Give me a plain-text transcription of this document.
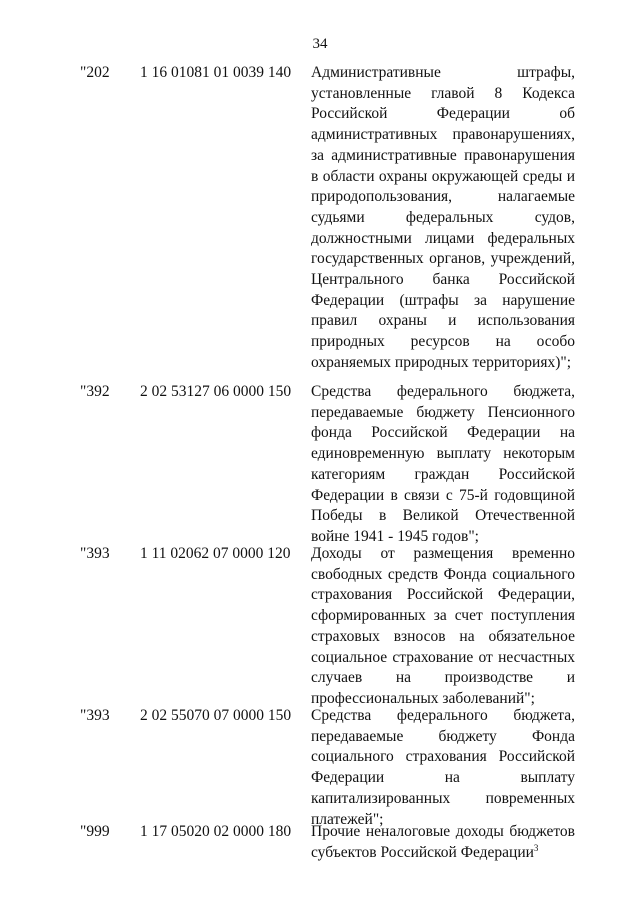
34
"202 1 16 01081 01 0039 140 Административные штрафы, установленные главой 8 Кодекса Российской Федерации об административных правонарушениях, за административные правонарушения в области охраны окружающей среды и природопользования, налагаемые судьями федеральных судов, должностными лицами федеральных государственных органов, учреждений, Центрального банка Российской Федерации (штрафы за нарушение правил охраны и использования природных ресурсов на особо охраняемых природных территориях)";
"392 2 02 53127 06 0000 150 Средства федерального бюджета, передаваемые бюджету Пенсионного фонда Российской Федерации на единовременную выплату некоторым категориям граждан Российской Федерации в связи с 75-й годовщиной Победы в Великой Отечественной войне 1941 - 1945 годов";
"393 1 11 02062 07 0000 120 Доходы от размещения временно свободных средств Фонда социального страхования Российской Федерации, сформированных за счет поступления страховых взносов на обязательное социальное страхование от несчастных случаев на производстве и профессиональных заболеваний";
"393 2 02 55070 07 0000 150 Средства федерального бюджета, передаваемые бюджету Фонда социального страхования Российской Федерации на выплату капитализированных повременных платежей";
"999 1 17 05020 02 0000 180 Прочие неналоговые доходы бюджетов субъектов Российской Федерации$^3$
